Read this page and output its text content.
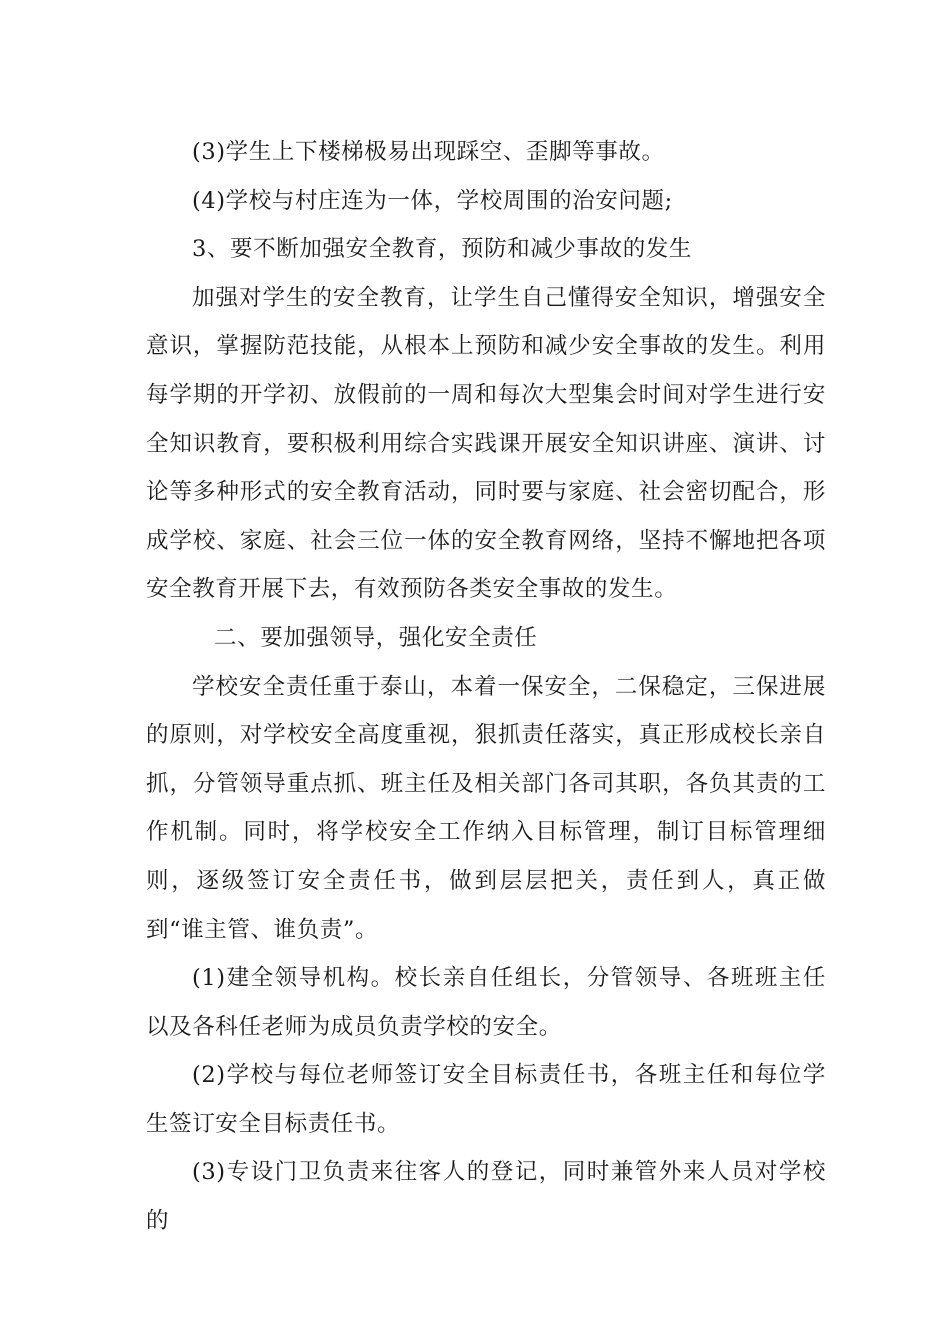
(3)学生上下楼梯极易出现踩空、歪脚等事故。

(4)学校与村庄连为一体，学校周围的治安问题;

3、要不断加强安全教育，预防和减少事故的发生

加强对学生的安全教育，让学生自己懂得安全知识，增强安全意识，掌握防范技能，从根本上预防和减少安全事故的发生。利用每学期的开学初、放假前的一周和每次大型集会时间对学生进行安全知识教育，要积极利用综合实践课开展安全知识讲座、演讲、讨论等多种形式的安全教育活动，同时要与家庭、社会密切配合，形成学校、家庭、社会三位一体的安全教育网络，坚持不懈地把各项安全教育开展下去，有效预防各类安全事故的发生。

二、要加强领导，强化安全责任

学校安全责任重于泰山，本着一保安全，二保稳定，三保进展的原则，对学校安全高度重视，狠抓责任落实，真正形成校长亲自抓，分管领导重点抓、班主任及相关部门各司其职，各负其责的工作机制。同时，将学校安全工作纳入目标管理，制订目标管理细则，逐级签订安全责任书，做到层层把关，责任到人，真正做到“谁主管、谁负责”。

(1)建全领导机构。校长亲自任组长，分管领导、各班班主任以及各科任老师为成员负责学校的安全。

(2)学校与每位老师签订安全目标责任书，各班主任和每位学生签订安全目标责任书。

(3)专设门卫负责来往客人的登记，同时兼管外来人员对学校的
